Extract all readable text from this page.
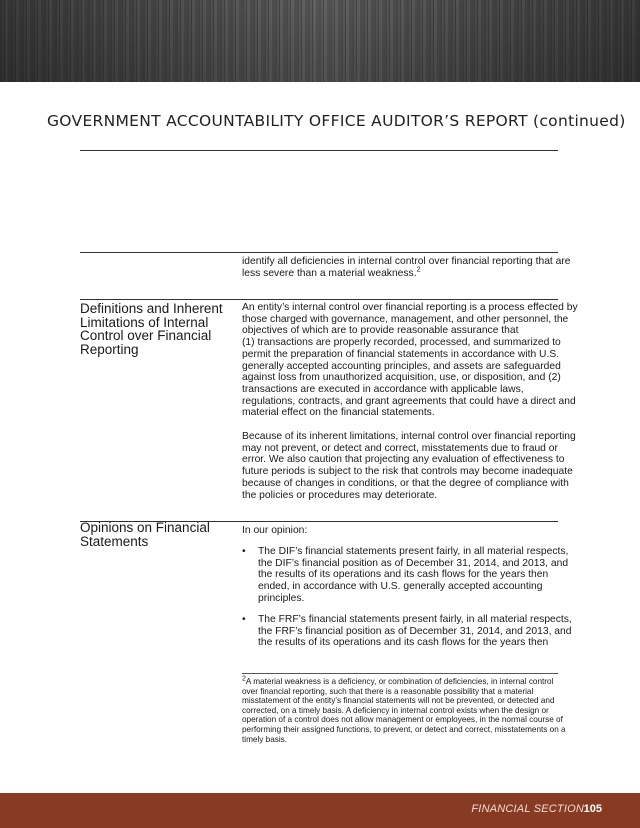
GOVERNMENT ACCOUNTABILITY OFFICE AUDITOR’S REPORT (continued)
identify all deficiencies in internal control over financial reporting that are
less severe than a material weakness.$^2$
Definitions and Inherent
Limitations of Internal
Control over Financial
Reporting
An entity’s internal control over financial reporting is a process effected by
those charged with governance, management, and other personnel, the
objectives of which are to provide reasonable assurance that
(1) transactions are properly recorded, processed, and summarized to
permit the preparation of financial statements in accordance with U.S.
generally accepted accounting principles, and assets are safeguarded
against loss from unauthorized acquisition, use, or disposition, and (2)
transactions are executed in accordance with applicable laws,
regulations, contracts, and grant agreements that could have a direct and
material effect on the financial statements.
Because of its inherent limitations, internal control over financial reporting
may not prevent, or detect and correct, misstatements due to fraud or
error. We also caution that projecting any evaluation of effectiveness to
future periods is subject to the risk that controls may become inadequate
because of changes in conditions, or that the degree of compliance with
the policies or procedures may deteriorate.
Opinions on Financial
Statements
In our opinion:
• The DIF’s financial statements present fairly, in all material respects,
the DIF’s financial position as of December 31, 2014, and 2013, and
the results of its operations and its cash flows for the years then
ended, in accordance with U.S. generally accepted accounting
principles.
• The FRF’s financial statements present fairly, in all material respects,
the FRF’s financial position as of December 31, 2014, and 2013, and
the results of its operations and its cash flows for the years then
$^2$A material weakness is a deficiency, or combination of deficiencies, in internal control
over financial reporting, such that there is a reasonable possibility that a material
misstatement of the entity’s financial statements will not be prevented, or detected and
corrected, on a timely basis. A deficiency in internal control exists when the design or
operation of a control does not allow management or employees, in the normal course of
performing their assigned functions, to prevent, or detect and correct, misstatements on a
timely basis.
FINANCIAL SECTION 105
